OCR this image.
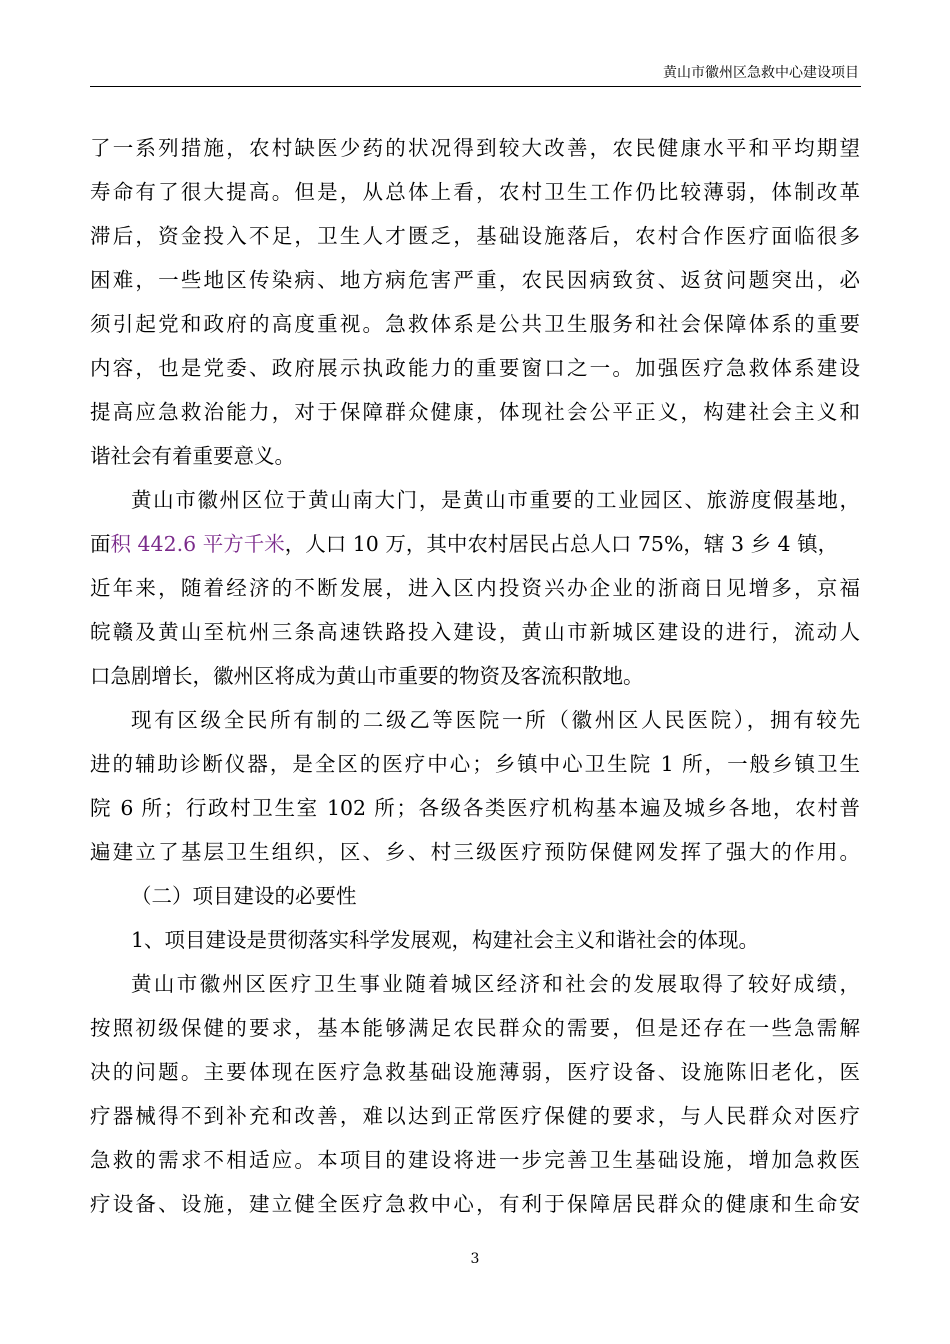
黄山市徽州区急救中心建设项目
了一系列措施，农村缺医少药的状况得到较大改善，农民健康水平和平均期望
寿命有了很大提高。但是，从总体上看，农村卫生工作仍比较薄弱，体制改革
滞后，资金投入不足，卫生人才匮乏，基础设施落后，农村合作医疗面临很多
困难，一些地区传染病、地方病危害严重，农民因病致贫、返贫问题突出，必
须引起党和政府的高度重视。急救体系是公共卫生服务和社会保障体系的重要
内容，也是党委、政府展示执政能力的重要窗口之一。加强医疗急救体系建设
提高应急救治能力，对于保障群众健康，体现社会公平正义，构建社会主义和
谐社会有着重要意义。
黄山市徽州区位于黄山南大门，是黄山市重要的工业园区、旅游度假基地，
面积 442.6 平方千米，人口 10 万，其中农村居民占总人口 75%，辖 3 乡 4 镇，
近年来，随着经济的不断发展，进入区内投资兴办企业的浙商日见增多，京福
皖赣及黄山至杭州三条高速铁路投入建设，黄山市新城区建设的进行，流动人
口急剧增长，徽州区将成为黄山市重要的物资及客流积散地。
现有区级全民所有制的二级乙等医院一所（徽州区人民医院），拥有较先
进的辅助诊断仪器，是全区的医疗中心；乡镇中心卫生院 1 所，一般乡镇卫生
院 6 所；行政村卫生室 102 所；各级各类医疗机构基本遍及城乡各地，农村普
遍建立了基层卫生组织，区、乡、村三级医疗预防保健网发挥了强大的作用。
（二）项目建设的必要性
1、项目建设是贯彻落实科学发展观，构建社会主义和谐社会的体现。
黄山市徽州区医疗卫生事业随着城区经济和社会的发展取得了较好成绩，
按照初级保健的要求，基本能够满足农民群众的需要，但是还存在一些急需解
决的问题。主要体现在医疗急救基础设施薄弱，医疗设备、设施陈旧老化，医
疗器械得不到补充和改善，难以达到正常医疗保健的要求，与人民群众对医疗
急救的需求不相适应。本项目的建设将进一步完善卫生基础设施，增加急救医
疗设备、设施，建立健全医疗急救中心，有利于保障居民群众的健康和生命安
3
